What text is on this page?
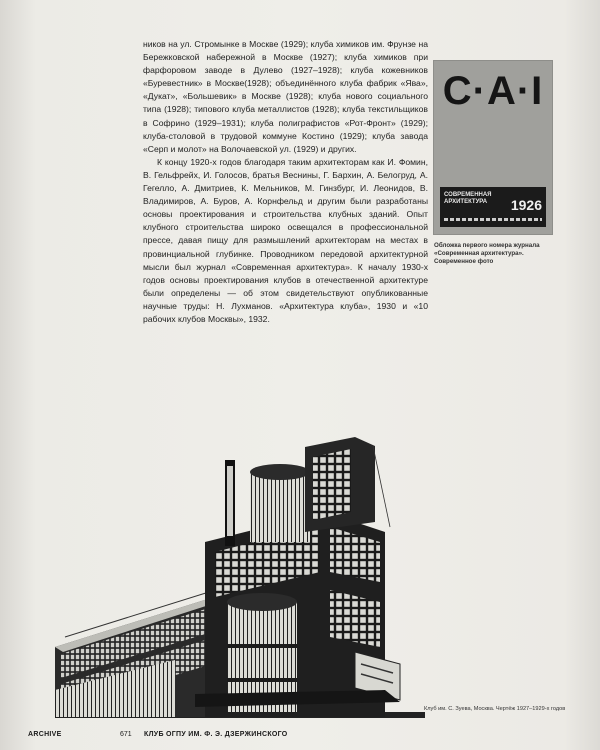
ников на ул. Стромынке в Москве (1929); клуба химиков им. Фрунзе на Бережковской набережной в Москве (1927); клуба химиков при фарфоровом заводе в Дулево (1927–1928); клуба кожевников «Буревестник» в Москве(1928); объединённого клуба фабрик «Ява», «Дукат», «Большевик» в Москве (1928); клуба нового социального типа (1928); типового клуба металлистов (1928); клуба текстильщиков в Софрино (1929–1931); клуба полиграфистов «Рот-Фронт» (1929); клуба-столовой в трудовой коммуне Костино (1929); клуба завода «Серп и молот» на Волочаевской ул. (1929) и других.

К концу 1920-х годов благодаря таким архитекторам как И. Фомин, В. Гельфрейх, И. Голосов, братья Веснины, Г. Бархин, А. Белогруд, А. Гегелло, А. Дмитриев, К. Мельников, М. Гинзбург, И. Леонидов, В. Владимиров, А. Буров, А. Корнфельд и другим были разработаны основы проектирования и строительства клубных зданий. Опыт клубного строительства широко освещался в профессиональной прессе, давая пищу для размышлений архитекторам на местах в провинциальной глубинке. Проводником передовой архитектурной мысли был журнал «Современная архитектура». К началу 1930-х годов основы проектирования клубов в отечественной архитектуре были определены — об этом свидетельствуют опубликованные научные труды: Н. Лухманов. «Архитектура клуба», 1930 и «10 рабочих клубов Москвы», 1932.

C·A·I
СОВРЕМЕННАЯ АРХИТЕКТУРА	1926
Обложка первого номера журнала «Современная архитектура». Современное фото
Клуб им. С. Зуева, Москва. Чертёж 1927–1929-х годов
ARCHIVE	671 КЛУБ ОГПУ ИМ. Ф. Э. ДЗЕРЖИНСКОГО
